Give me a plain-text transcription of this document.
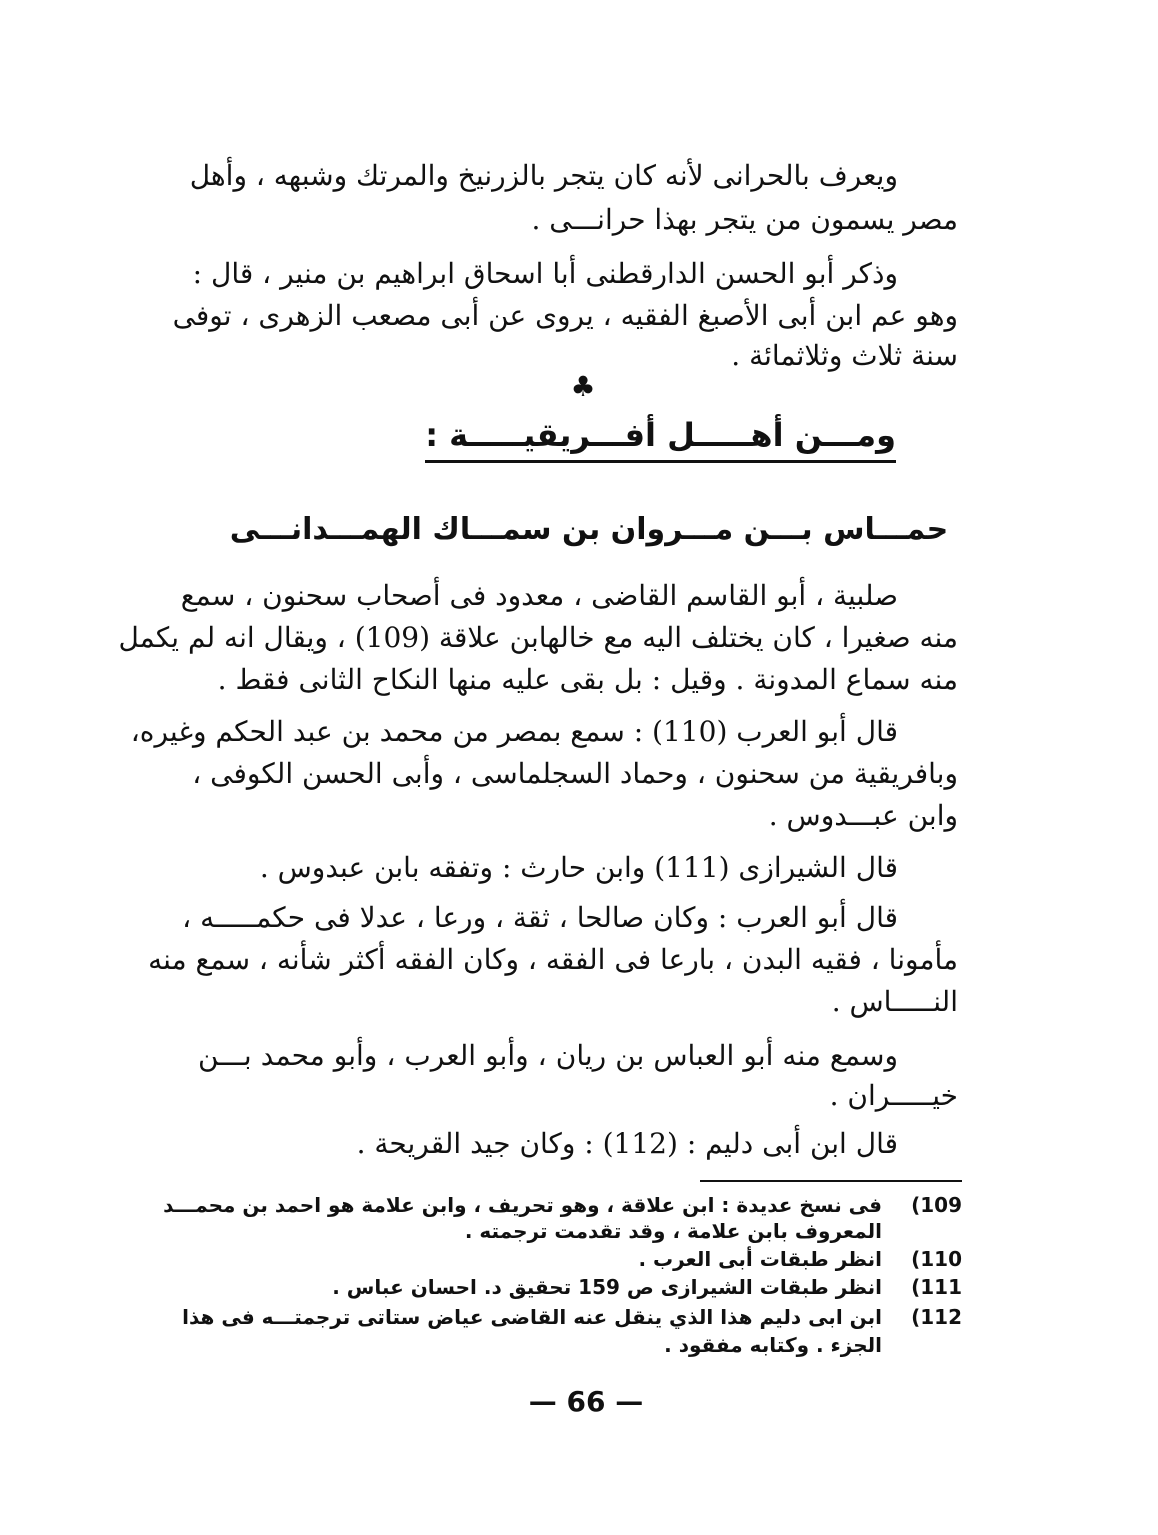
ويعرف بالحرانى لأنه كان يتجر بالزرنيخ والمرتك وشبهه ، وأهل
مصر يسمون من يتجر بهذا حرانـــى .
وذكر أبو الحسن الدارقطنى أبا اسحاق ابراهيم بن منير ، قال :
وهو عم ابن أبى الأصبغ الفقيه ، يروى عن أبى مصعب الزهرى ، توفى
سنة ثلاث وثلاثمائة .
♣
ومـــن أهـــــل أفـــريقيـــــة :
حمـــاس بـــن مـــروان بن سمـــاك الهمـــدانـــى
صلبية ، أبو القاسم القاضى ، معدود فى أصحاب سحنون ، سمع
منه صغيرا ، كان يختلف اليه مع خالهابن علاقة (109) ، ويقال انه لم يكمل
منه سماع المدونة . وقيل : بل بقى عليه منها النكاح الثانى فقط .
قال أبو العرب (110) : سمع بمصر من محمد بن عبد الحكم وغيره،
وبافريقية من سحنون ، وحماد السجلماسى ، وأبى الحسن الكوفى ،
وابن عبـــدوس .
قال الشيرازى (111) وابن حارث : وتفقه بابن عبدوس .
قال أبو العرب : وكان صالحا ، ثقة ، ورعا ، عدلا فى حكمـــــه ،
مأمونا ، فقيه البدن ، بارعا فى الفقه ، وكان الفقه أكثر شأنه ، سمع منه
النـــــاس .
وسمع منه أبو العباس بن ريان ، وأبو العرب ، وأبو محمد بـــن
خيـــــران .
قال ابن أبى دليم : (112) : وكان جيد القريحة .
109)
فى نسخ عديدة : ابن علاقة ، وهو تحريف ، وابن علامة هو احمد بن محمـــد
المعروف بابن علامة ، وقد تقدمت ترجمته .
110)
انظر طبقات أبى العرب .
111)
انظر طبقات الشيرازى ص 159 تحقيق د. احسان عباس .
112)
ابن ابى دليم هذا الذي ينقل عنه القاضى عياض ستاتى ترجمتـــه فى هذا
الجزء . وكتابه مفقود .
— 66 —
